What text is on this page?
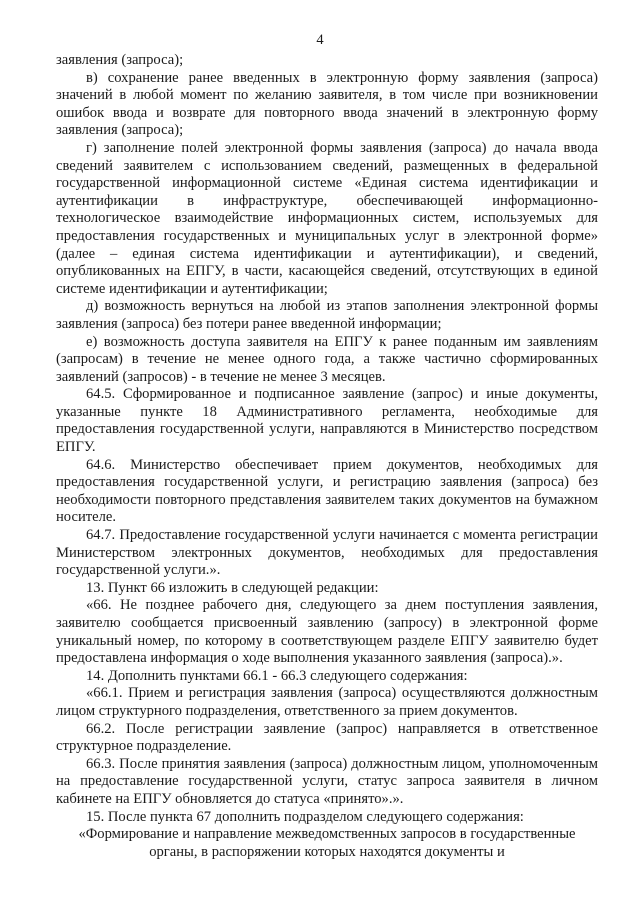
4

заявления (запроса);

в) сохранение ранее введенных в электронную форму заявления (запроса) значений в любой момент по желанию заявителя, в том числе при возникновении ошибок ввода и возврате для повторного ввода значений в электронную форму заявления (запроса);

г) заполнение полей электронной формы заявления (запроса) до начала ввода сведений заявителем с использованием сведений, размещенных в федеральной государственной информационной системе «Единая система идентификации и аутентификации в инфраструктуре, обеспечивающей информационно-технологическое взаимодействие информационных систем, используемых для предоставления государственных и муниципальных услуг в электронной форме» (далее – единая система идентификации и аутентификации), и сведений, опубликованных на ЕПГУ, в части, касающейся сведений, отсутствующих в единой системе идентификации и аутентификации;

д) возможность вернуться на любой из этапов заполнения электронной формы заявления (запроса) без потери ранее введенной информации;

е) возможность доступа заявителя на ЕПГУ к ранее поданным им заявлениям (запросам) в течение не менее одного года, а также частично сформированных заявлений (запросов) - в течение не менее 3 месяцев.

64.5. Сформированное и подписанное заявление (запрос) и иные документы, указанные пункте 18 Административного регламента, необходимые для предоставления государственной услуги, направляются в Министерство посредством ЕПГУ.

64.6. Министерство обеспечивает прием документов, необходимых для предоставления государственной услуги, и регистрацию заявления (запроса) без необходимости повторного представления заявителем таких документов на бумажном носителе.

64.7. Предоставление государственной услуги начинается с момента регистрации Министерством электронных документов, необходимых для предоставления государственной услуги.».

13. Пункт 66 изложить в следующей редакции:

«66. Не позднее рабочего дня, следующего за днем поступления заявления, заявителю сообщается присвоенный заявлению (запросу) в электронной форме уникальный номер, по которому в соответствующем разделе ЕПГУ заявителю будет предоставлена информация о ходе выполнения указанного заявления (запроса).».

14. Дополнить пунктами 66.1 - 66.3 следующего содержания:

«66.1. Прием и регистрация заявления (запроса) осуществляются должностным лицом структурного подразделения, ответственного за прием документов.

66.2. После регистрации заявление (запрос) направляется в ответственное структурное подразделение.

66.3. После принятия заявления (запроса) должностным лицом, уполномоченным на предоставление государственной услуги, статус запроса заявителя в личном кабинете на ЕПГУ обновляется до статуса «принято».».

15. После пункта 67 дополнить подразделом следующего содержания:

«Формирование и направление межведомственных запросов в государственные органы, в распоряжении которых находятся документы и
